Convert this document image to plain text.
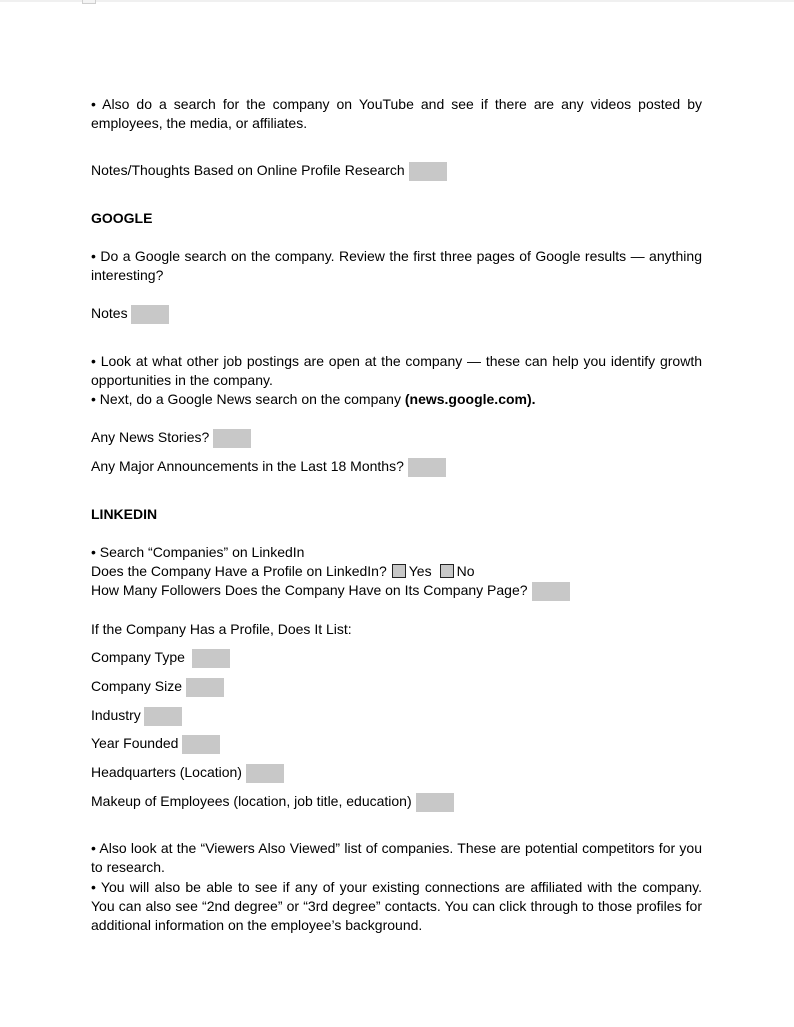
• Also do a search for the company on YouTube and see if there are any videos posted by employees, the media, or affiliates.
Notes/Thoughts Based on Online Profile Research
GOOGLE
• Do a Google search on the company. Review the first three pages of Google results — anything interesting?
Notes
• Look at what other job postings are open at the company — these can help you identify growth opportunities in the company.
• Next, do a Google News search on the company (news.google.com).
Any News Stories?
Any Major Announcements in the Last 18 Months?
LINKEDIN
• Search “Companies” on LinkedIn
Does the Company Have a Profile on LinkedIn? Yes No
How Many Followers Does the Company Have on Its Company Page?
If the Company Has a Profile, Does It List:
Company Type
Company Size
Industry
Year Founded
Headquarters (Location)
Makeup of Employees (location, job title, education)
• Also look at the “Viewers Also Viewed” list of companies. These are potential competitors for you to research.
• You will also be able to see if any of your existing connections are affiliated with the company. You can also see “2nd degree” or “3rd degree” contacts. You can click through to those profiles for additional information on the employee’s background.
